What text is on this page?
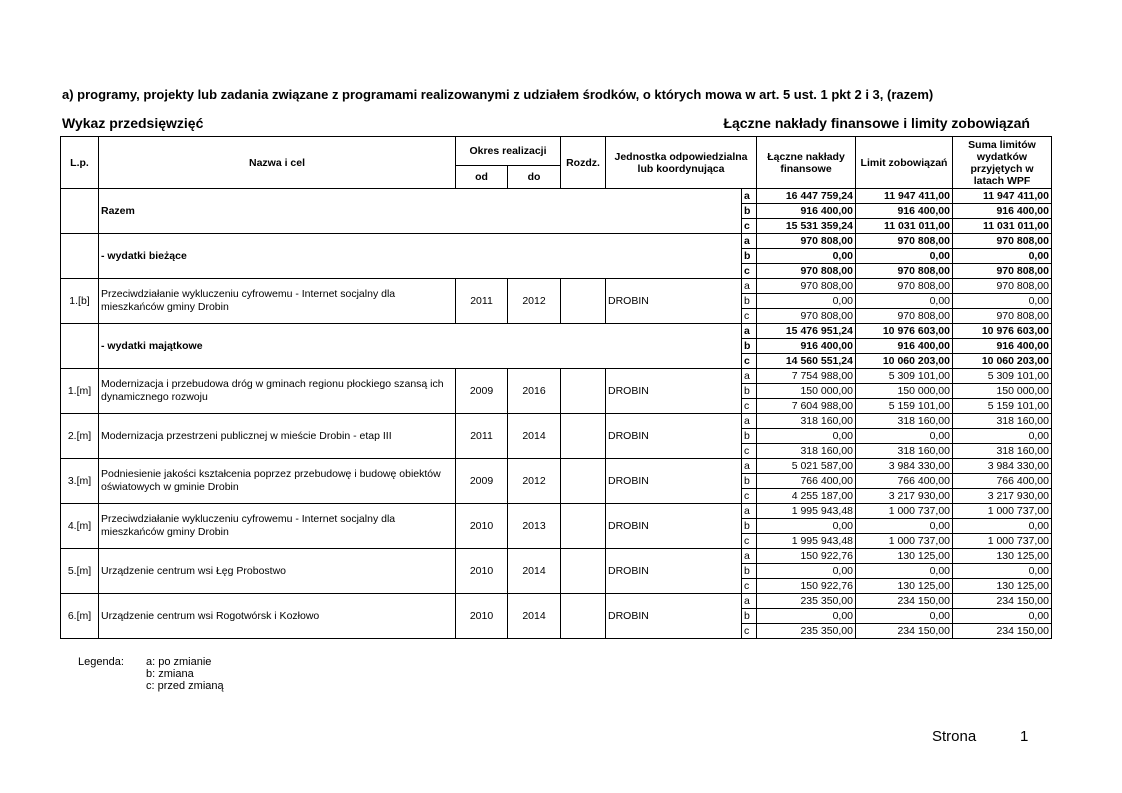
a) programy, projekty lub zadania związane z programami realizowanymi z udziałem środków, o których mowa w art. 5 ust. 1 pkt 2 i 3, (razem)
Wykaz przedsięwzięć	Łączne nakłady finansowe i limity zobowiązań
L.p.	Nazwa i cel	Okres realizacji		Rozdz.	Jednostka odpowiedzialna lub koordynująca		Łączne nakłady finansowe	Limit zobowiązań	Suma limitów wydatków przyjętych w latach WPF
		od	do						
	Razem					a	16 447 759,24	11 947 411,00	11 947 411,00
						b	916 400,00	916 400,00	916 400,00
						c	15 531 359,24	11 031 011,00	11 031 011,00
	- wydatki bieżące					a	970 808,00	970 808,00	970 808,00
						b	0,00	0,00	0,00
						c	970 808,00	970 808,00	970 808,00
1.[b]	Przeciwdziałanie wykluczeniu cyfrowemu - Internet socjalny dla mieszkańców gminy Drobin	2011	2012		DROBIN	a	970 808,00	970 808,00	970 808,00
						b	0,00	0,00	0,00
						c	970 808,00	970 808,00	970 808,00
	- wydatki majątkowe					a	15 476 951,24	10 976 603,00	10 976 603,00
						b	916 400,00	916 400,00	916 400,00
						c	14 560 551,24	10 060 203,00	10 060 203,00
1.[m]	Modernizacja i przebudowa dróg w gminach regionu płockiego szansą ich dynamicznego rozwoju	2009	2016		DROBIN	a	7 754 988,00	5 309 101,00	5 309 101,00
						b	150 000,00	150 000,00	150 000,00
						c	7 604 988,00	5 159 101,00	5 159 101,00
2.[m]	Modernizacja przestrzeni publicznej w mieście Drobin - etap III	2011	2014		DROBIN	a	318 160,00	318 160,00	318 160,00
						b	0,00	0,00	0,00
						c	318 160,00	318 160,00	318 160,00
3.[m]	Podniesienie jakości kształcenia poprzez przebudowę i budowę obiektów oświatowych w gminie Drobin	2009	2012		DROBIN	a	5 021 587,00	3 984 330,00	3 984 330,00
						b	766 400,00	766 400,00	766 400,00
						c	4 255 187,00	3 217 930,00	3 217 930,00
4.[m]	Przeciwdziałanie wykluczeniu cyfrowemu - Internet socjalny dla mieszkańców gminy Drobin	2010	2013		DROBIN	a	1 995 943,48	1 000 737,00	1 000 737,00
						b	0,00	0,00	0,00
						c	1 995 943,48	1 000 737,00	1 000 737,00
5.[m]	Urządzenie centrum wsi Łęg Probostwo	2010	2014		DROBIN	a	150 922,76	130 125,00	130 125,00
						b	0,00	0,00	0,00
						c	150 922,76	130 125,00	130 125,00
6.[m]	Urządzenie centrum wsi Rogotwórsk i Kozłowo	2010	2014		DROBIN	a	235 350,00	234 150,00	234 150,00
						b	0,00	0,00	0,00
						c	235 350,00	234 150,00	234 150,00
Legenda: a: po zmianie
b: zmiana
c: przed zmianą
Strona	1
